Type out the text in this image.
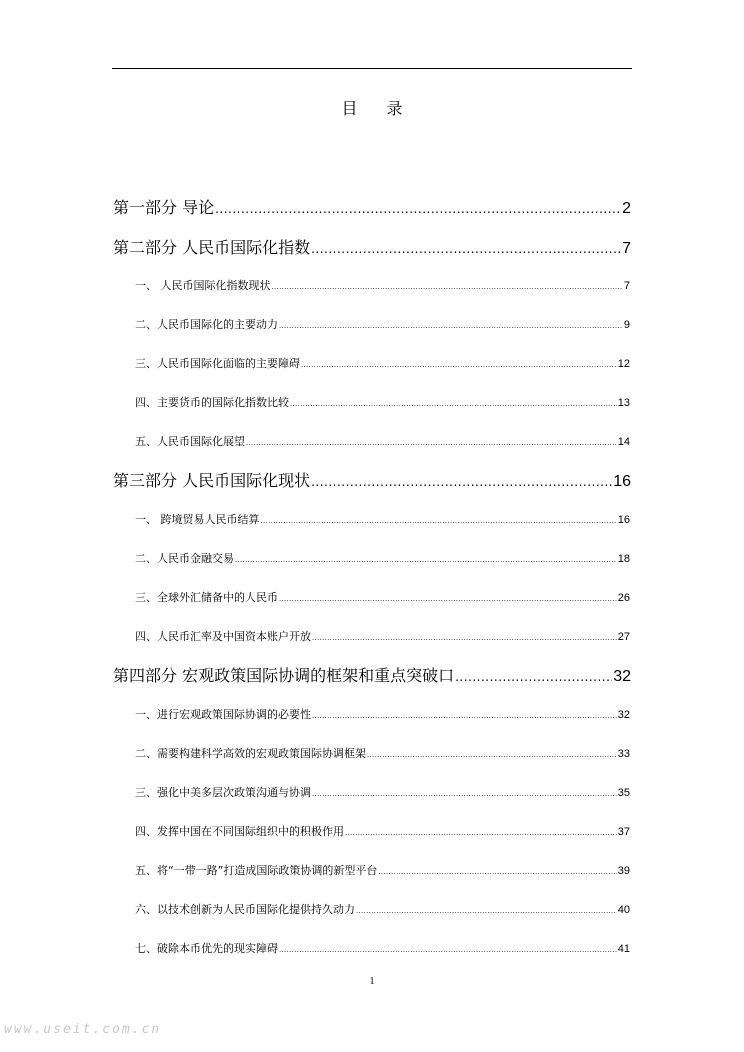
目 录
第一部分 导论 .....	2
第二部分 人民币国际化指数 .....	7
一、 人民币国际化指数现状 .....	7
二、人民币国际化的主要动力 .....	9
三、人民币国际化面临的主要障碍 .....	12
四、主要货币的国际化指数比较 .....	13
五、人民币国际化展望 .....	14
第三部分 人民币国际化现状 .....	16
一、 跨境贸易人民币结算 .....	16
二、人民币金融交易 .....	18
三、全球外汇储备中的人民币 .....	26
四、人民币汇率及中国资本账户开放 .....	27
第四部分 宏观政策国际协调的框架和重点突破口 .....	32
一、进行宏观政策国际协调的必要性 .....	32
二、需要构建科学高效的宏观政策国际协调框架 .....	33
三、强化中美多层次政策沟通与协调 .....	35
四、发挥中国在不同国际组织中的积极作用 .....	37
五、将“一带一路”打造成国际政策协调的新型平台 .....	39
六、以技术创新为人民币国际化提供持久动力 .....	40
七、破除本币优先的现实障碍 .....	41
1
www.useit.com.cn
